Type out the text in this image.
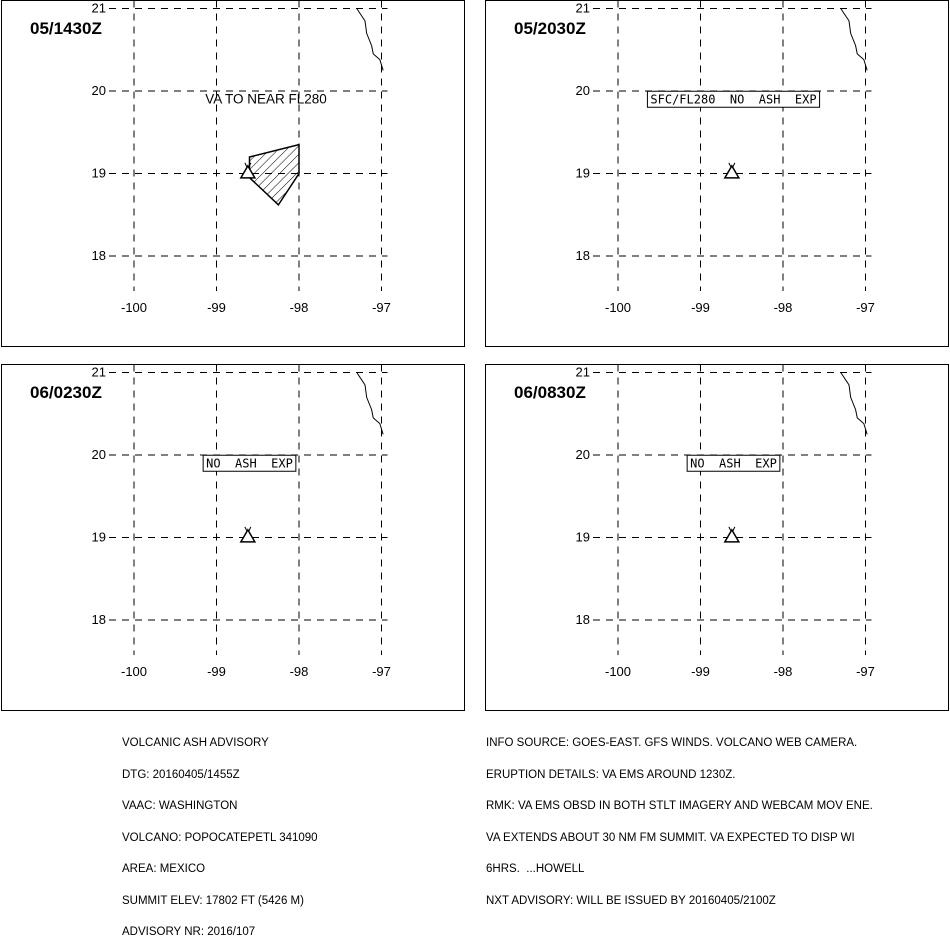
05/1430Z
-100	-99	-98	-97
18
19
20
21
VA TO NEAR FL280
05/2030Z
-100	-99	-98	-97
18
19
20
21
SFC/FL280  NO  ASH  EXP
06/0230Z
-100	-99	-98	-97
18
19
20
21
NO  ASH  EXP
06/0830Z
-100	-99	-98	-97
18
19
20
21
NO  ASH  EXP

VOLCANIC ASH ADVISORY

DTG: 20160405/1455Z

VAAC: WASHINGTON

VOLCANO: POPOCATEPETL 341090

AREA: MEXICO

SUMMIT ELEV: 17802 FT (5426 M)

ADVISORY NR: 2016/107

INFO SOURCE: GOES-EAST. GFS WINDS. VOLCANO WEB CAMERA.

ERUPTION DETAILS: VA EMS AROUND 1230Z.

RMK: VA EMS OBSD IN BOTH STLT IMAGERY AND WEBCAM MOV ENE.

VA EXTENDS ABOUT 30 NM FM SUMMIT. VA EXPECTED TO DISP WI

6HRS.  ...HOWELL

NXT ADVISORY: WILL BE ISSUED BY 20160405/2100Z
